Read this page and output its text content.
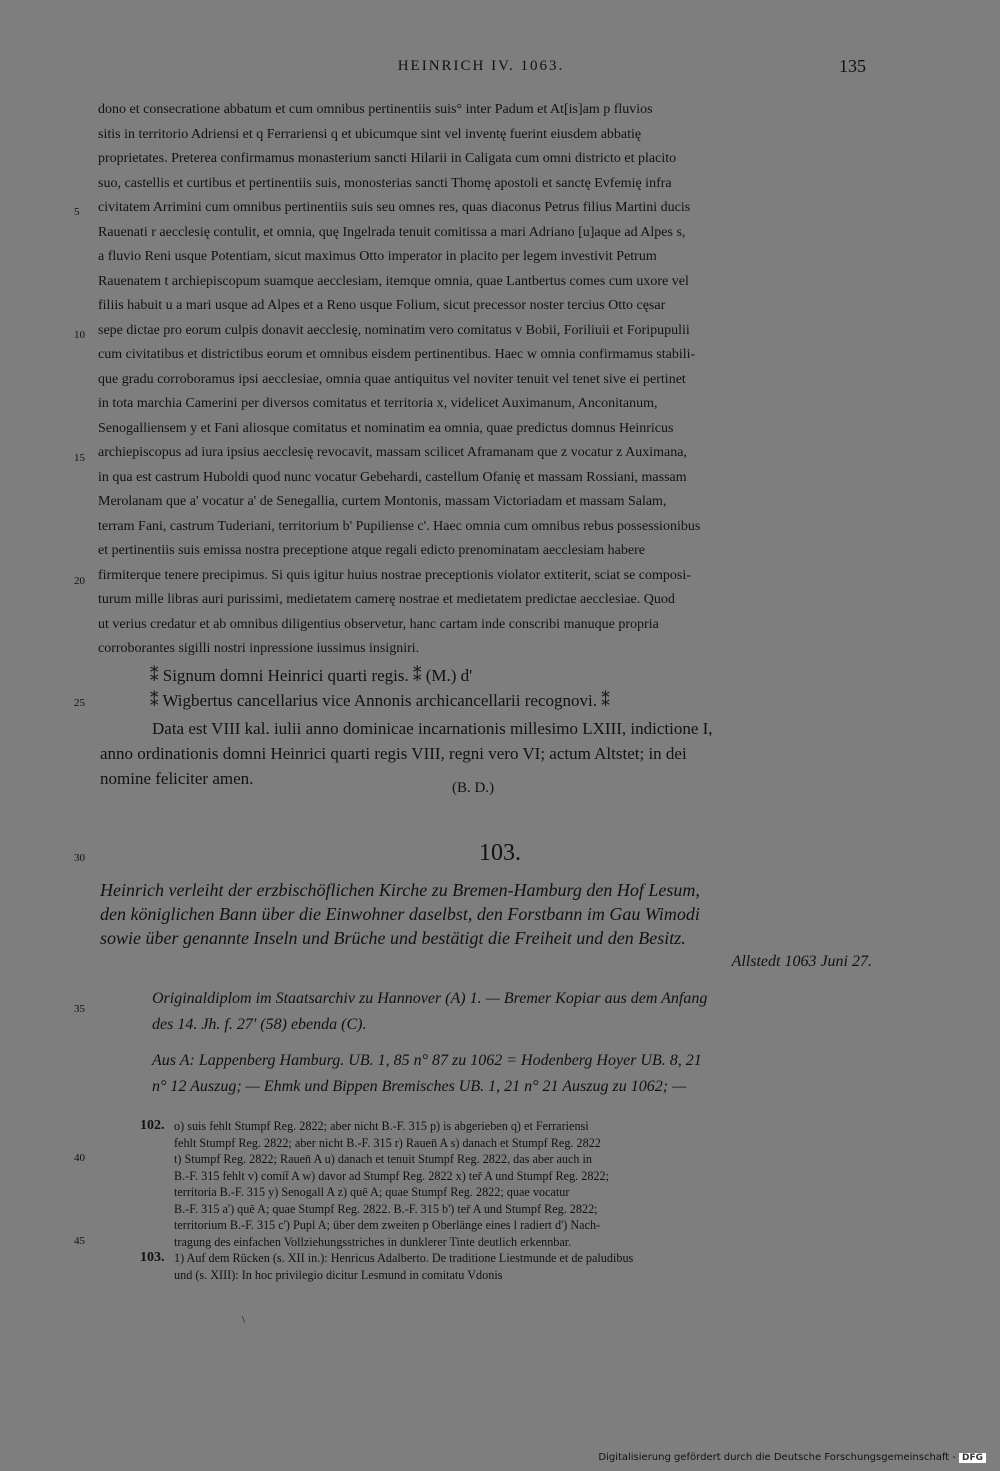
HEINRICH IV. 1063.	135
dono et consecratione abbatum et cum omnibus pertinentiis suis° inter Padum et At[is]am p fluvios
sitis in territorio Adriensi et q Ferrariensi q et ubicumque sint vel inventę fuerint eiusdem abbatię
proprietates. Preterea confirmamus monasterium sancti Hilarii in Caligata cum omni districto et placito
suo, castellis et curtibus et pertinentiis suis, monosterias sancti Thomę apostoli et sanctę Evfemię infra
civitatem Arrimini cum omnibus pertinentiis suis seu omnes res, quas diaconus Petrus filius Martini ducis
Rauenati r aecclesię contulit, et omnia, quę Ingelrada tenuit comitissa a mari Adriano [u]aque ad Alpes s,
a fluvio Reni usque Potentiam, sicut maximus Otto imperator in placito per legem investivit Petrum
Rauenatem t archiepiscopum suamque aecclesiam, itemque omnia, quae Lantbertus comes cum uxore vel
filiis habuit u a mari usque ad Alpes et a Reno usque Folium, sicut precessor noster tercius Otto cęsar
sepe dictae pro eorum culpis donavit aecclesię, nominatim vero comitatus v Bobii, Foriliuii et Foripupulii
cum civitatibus et districtibus eorum et omnibus eisdem pertinentibus. Haec w omnia confirmamus stabili-
que gradu corroboramus ipsi aecclesiae, omnia quae antiquitus vel noviter tenuit vel tenet sive ei pertinet
in tota marchia Camerini per diversos comitatus et territoria x, videlicet Auximanum, Anconitanum,
Senogalliensem y et Fani aliosque comitatus et nominatim ea omnia, quae predictus domnus Heinricus
archiepiscopus ad iura ipsius aecclesię revocavit, massam scilicet Aframanam que z vocatur z Auximana,
in qua est castrum Huboldi quod nunc vocatur Gebehardi, castellum Ofanię et massam Rossiani, massam
Merolanam que a' vocatur a' de Senegallia, curtem Montonis, massam Victoriadam et massam Salam,
terram Fani, castrum Tuderiani, territorium b' Pupiliense c'. Haec omnia cum omnibus rebus possessionibus
et pertinentiis suis emissa nostra preceptione atque regali edicto prenominatam aecclesiam habere
firmiterque tenere precipimus. Si quis igitur huius nostrae preceptionis violator extiterit, sciat se composi-
turum mille libras auri purissimi, medietatem camerę nostrae et medietatem predictae aecclesiae. Quod
ut verius credatur et ab omnibus diligentius observetur, hanc cartam inde conscribi manuque propria
corroborantes sigilli nostri inpressione iussimus insigniri.
5
10
15
20
25
30
35
40
45
⁑ Signum domni Heinrici quarti regis. ⁑ (M.) d'
⁑ Wigbertus cancellarius vice Annonis archicancellarii recognovi. ⁑
Data est VIII kal. iulii anno dominicae incarnationis millesimo LXIII, indictione I,
anno ordinationis domni Heinrici quarti regis VIII, regni vero VI; actum Altstet; in dei
nomine feliciter amen.	(B. D.)
103.
Heinrich verleiht der erzbischöflichen Kirche zu Bremen-Hamburg den Hof Lesum,
den königlichen Bann über die Einwohner daselbst, den Forstbann im Gau Wimodi
sowie über genannte Inseln und Brüche und bestätigt die Freiheit und den Besitz.
Allstedt 1063 Juni 27.
Originaldiplom im Staatsarchiv zu Hannover (A) 1. — Bremer Kopiar aus dem Anfang
des 14. Jh. f. 27' (58) ebenda (C).
Aus A: Lappenberg Hamburg. UB. 1, 85 n° 87 zu 1062 = Hodenberg Hoyer UB. 8, 21
n° 12 Auszug; — Ehmk und Bippen Bremisches UB. 1, 21 n° 21 Auszug zu 1062; —
102. o) suis fehlt Stumpf Reg. 2822; aber nicht B.-F. 315 p) is abgerieben q) et Ferrariensi
fehlt Stumpf Reg. 2822; aber nicht B.-F. 315 r) Rauen̄ A s) danach et Stumpf Reg. 2822
t) Stumpf Reg. 2822; Rauen̄ A u) danach et tenuit Stumpf Reg. 2822, das aber auch in
B.-F. 315 fehlt v) comit̄ A w) davor ad Stumpf Reg. 2822 x) ter̄ A und Stumpf Reg. 2822;
territoria B.-F. 315 y) Senogall A z) quē A; quae Stumpf Reg. 2822; quae vocatur
B.-F. 315 a') quē A; quae Stumpf Reg. 2822. B.-F. 315 b') ter̄ A und Stumpf Reg. 2822;
territorium B.-F. 315 c') Pupl A; über dem zweiten p Oberlänge eines l radiert d') Nach-
tragung des einfachen Vollziehungsstriches in dunklerer Tinte deutlich erkennbar.
103. 1) Auf dem Rücken (s. XII in.): Henricus Adalberto. De traditione Liestmunde et de paludibus
und (s. XIII): In hoc privilegio dicitur Lesmund in comitatu Vdonis
\
Digitalisierung gefördert durch die Deutsche Forschungsgemeinschaft - DFG
